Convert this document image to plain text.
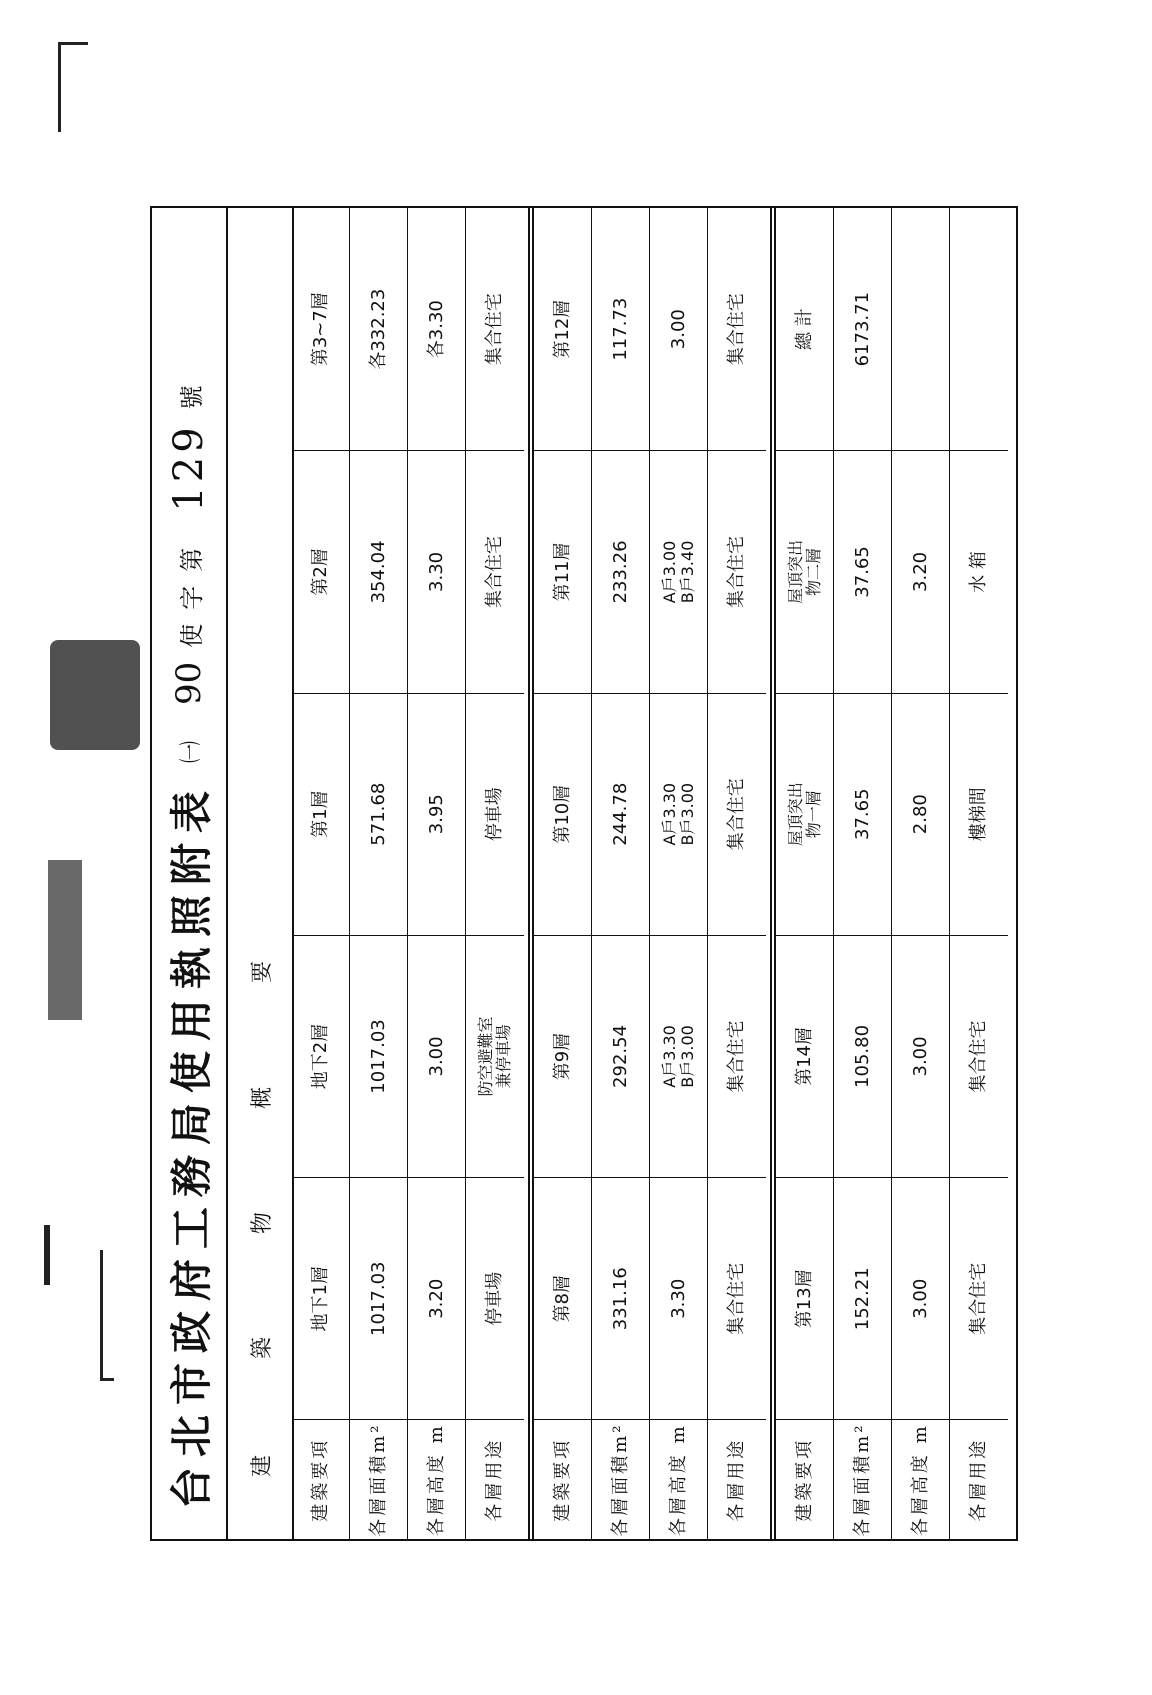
台北市政府工務局使用執照附表
㈠
90
使字第
129
號
建
築
物
概
要
建築要項
地下1層
地下2層
第1層
第2層
第3~7層
各層面積m²
1017.03
1017.03
571.68
354.04
各332.23
各層高度 m
3.20
3.00
3.95
3.30
各3.30
各層用途
停車場
防空避難室
兼停車場
停車場
集合住宅
集合住宅
建築要項
第8層
第9層
第10層
第11層
第12層
各層面積m²
331.16
292.54
244.78
233.26
117.73
各層高度 m
3.30
A戶3.30
B戶3.00
A戶3.30
B戶3.00
A戶3.00
B戶3.40
3.00
各層用途
集合住宅
集合住宅
集合住宅
集合住宅
集合住宅
建築要項
第13層
第14層
屋頂突出
物一層
屋頂突出
物二層
總 計
各層面積m²
152.21
105.80
37.65
37.65
6173.71
各層高度 m
3.00
3.00
2.80
3.20
各層用途
集合住宅
集合住宅
樓梯間
水 箱
